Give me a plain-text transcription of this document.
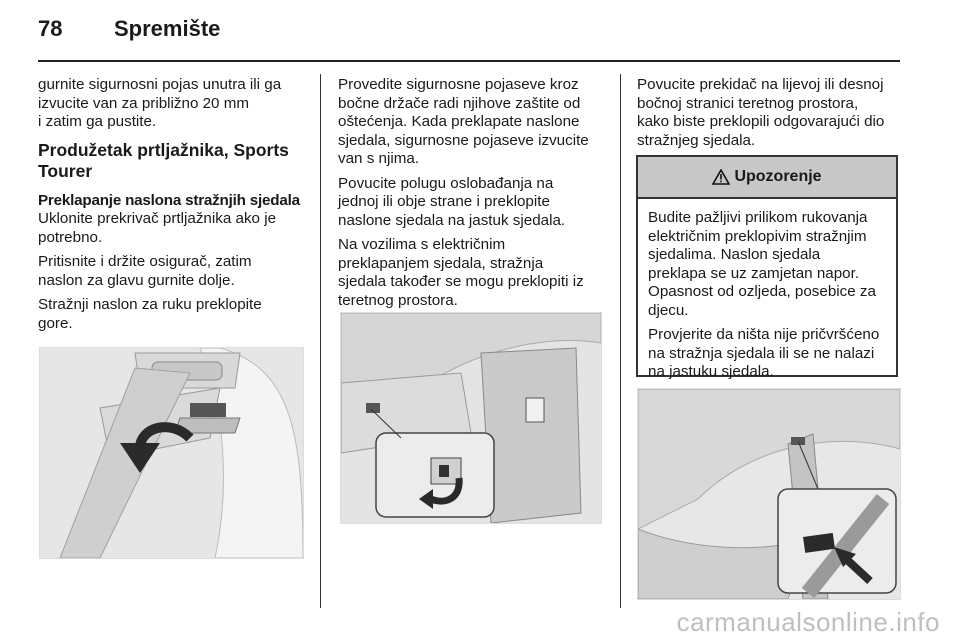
78 Spremište

gurnite sigurnosni pojas unutra ili ga
izvucite van za približno 20 mm
i zatim ga pustite.

Produžetak prtljažnika, Sports
Tourer
Preklapanje naslona stražnjih sjedala

Uklonite prekrivač prtljažnika ako je
potrebno.

Pritisnite i držite osigurač, zatim
naslon za glavu gurnite dolje.

Stražnji naslon za ruku preklopite
gore.

Provedite sigurnosne pojaseve kroz
bočne držače radi njihove zaštite od
oštećenja. Kada preklapate naslone
sjedala, sigurnosne pojaseve izvucite
van s njima.

Povucite polugu oslobađanja na
jednoj ili obje strane i preklopite
naslone sjedala na jastuk sjedala.

Na vozilima s električnim
preklapanjem sjedala, stražnja
sjedala također se mogu preklopiti iz
teretnog prostora.

Povucite prekidač na lijevoj ili desnoj
bočnoj stranici teretnog prostora,
kako biste preklopili odgovarajući dio
stražnjeg sjedala.

Upozorenje

Budite pažljivi prilikom rukovanja
električnim preklopivim stražnjim
sjedalima. Naslon sjedala
preklapa se uz zamjetan napor.
Opasnost od ozljeda, posebice za
djecu.

Provjerite da ništa nije pričvršćeno
na stražnja sjedala ili se ne nalazi
na jastuku sjedala.

carmanualsonline.info
